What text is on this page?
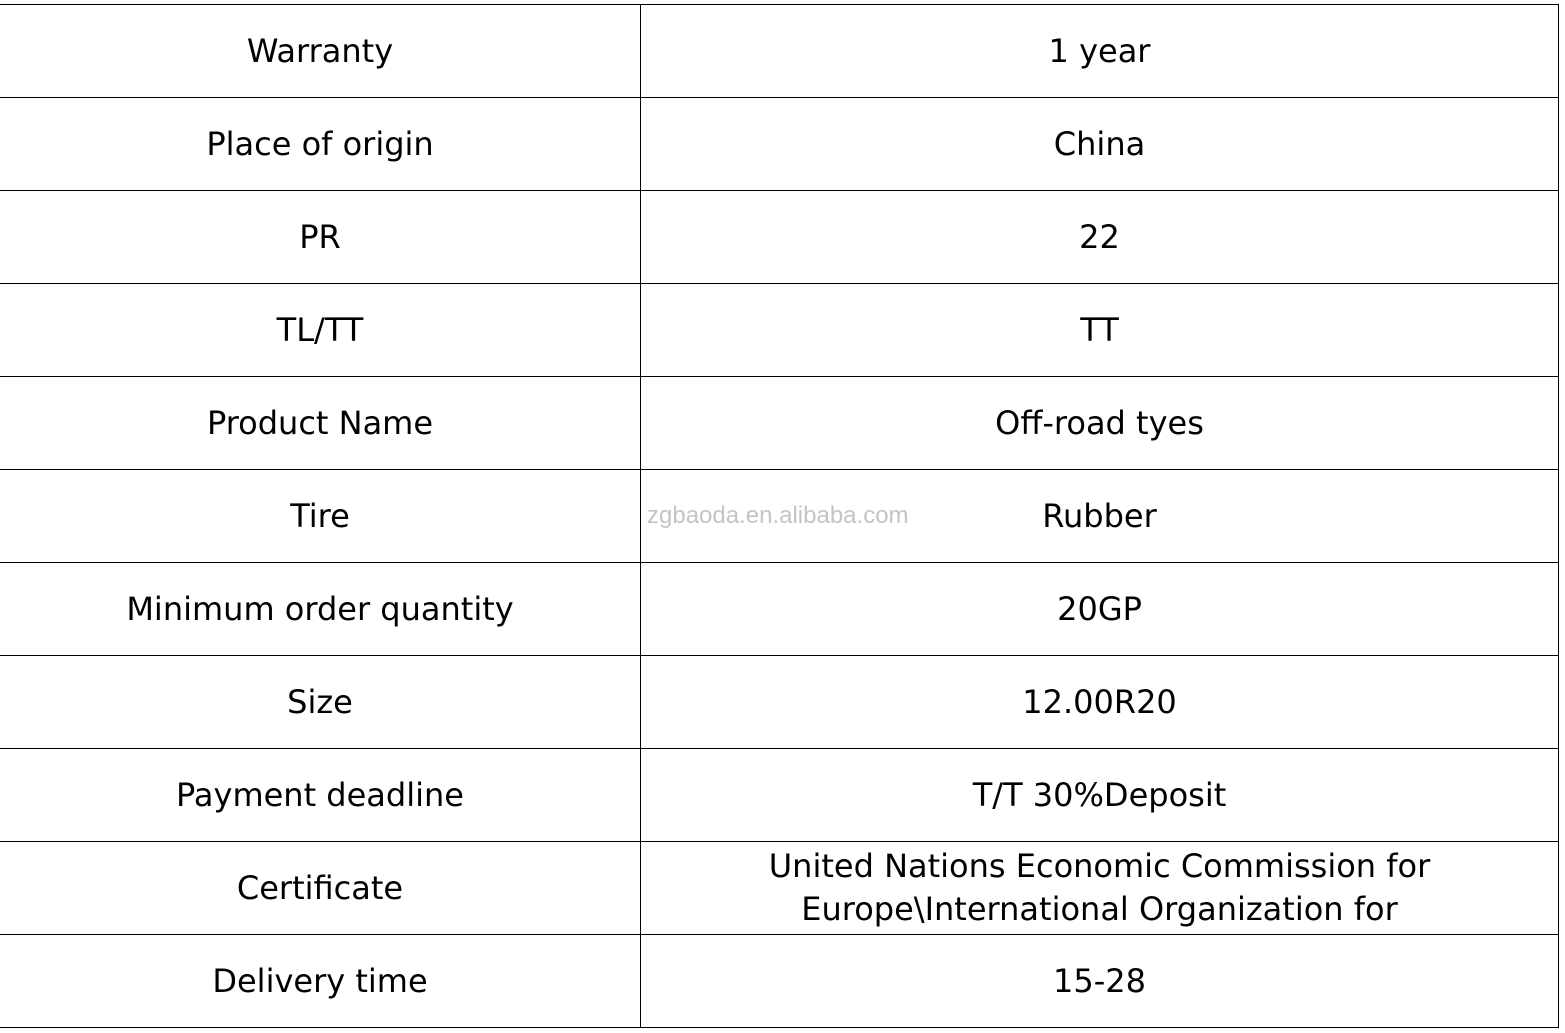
Warranty	1 year
Place of origin	China
PR	22
TL/TT	TT
Product Name	Off-road tyes
Tire	Rubber
Minimum order quantity	20GP
Size	12.00R20
Payment deadline	T/T 30%Deposit
Certificate	United Nations Economic Commission for
Europe\International Organization for
Delivery time	15-28
zgbaoda.en.alibaba.com
